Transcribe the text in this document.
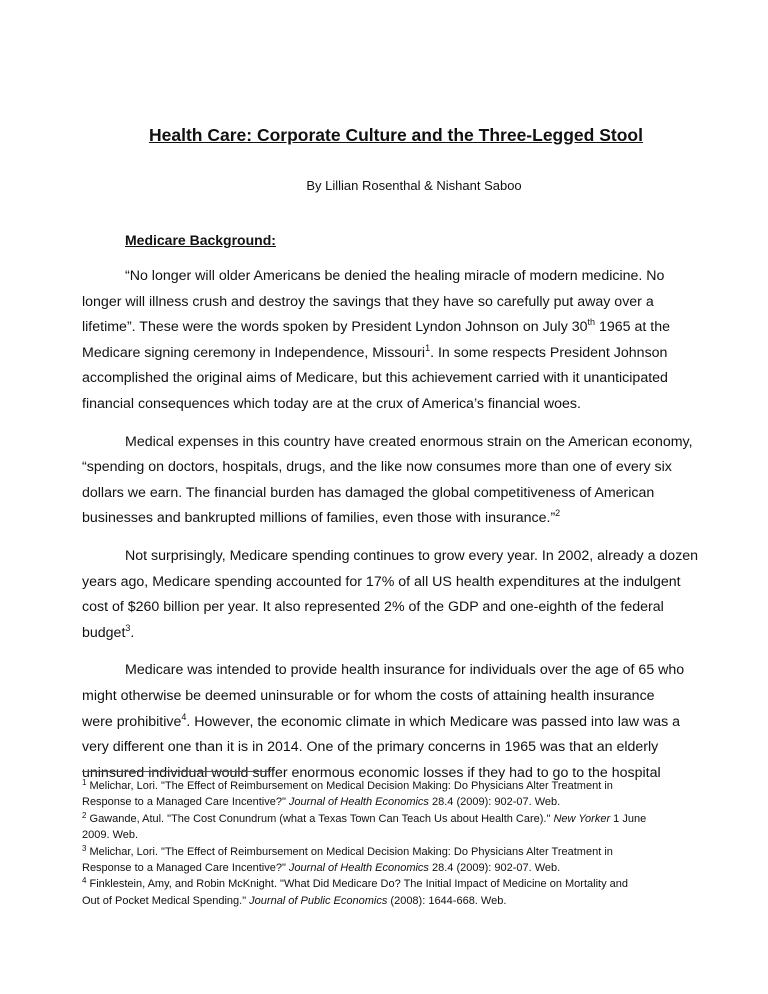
Health Care: Corporate Culture and the Three-Legged Stool
By Lillian Rosenthal & Nishant Saboo
Medicare Background:
“No longer will older Americans be denied the healing miracle of modern medicine. No
longer will illness crush and destroy the savings that they have so carefully put away over a
lifetime”. These were the words spoken by President Lyndon Johnson on July 30th 1965 at the
Medicare signing ceremony in Independence, Missouri$^1$. In some respects President Johnson
accomplished the original aims of Medicare, but this achievement carried with it unanticipated
financial consequences which today are at the crux of America’s financial woes.
Medical expenses in this country have created enormous strain on the American economy,
“spending on doctors, hospitals, drugs, and the like now consumes more than one of every six
dollars we earn. The financial burden has damaged the global competitiveness of American
businesses and bankrupted millions of families, even those with insurance.”$^2$
Not surprisingly, Medicare spending continues to grow every year. In 2002, already a dozen
years ago, Medicare spending accounted for 17% of all US health expenditures at the indulgent
cost of $260 billion per year. It also represented 2% of the GDP and one-eighth of the federal
budget$^3$.
Medicare was intended to provide health insurance for individuals over the age of 65 who
might otherwise be deemed uninsurable or for whom the costs of attaining health insurance
were prohibitive$^4$. However, the economic climate in which Medicare was passed into law was a
very different one than it is in 2014. One of the primary concerns in 1965 was that an elderly
uninsured individual would suffer enormous economic losses if they had to go to the hospital
$^1$ Melichar, Lori. "The Effect of Reimbursement on Medical Decision Making: Do Physicians Alter Treatment in
Response to a Managed Care Incentive?" Journal of Health Economics 28.4 (2009): 902-07. Web.
$^2$ Gawande, Atul. "The Cost Conundrum (what a Texas Town Can Teach Us about Health Care)." New Yorker 1 June
2009. Web.
$^3$ Melichar, Lori. "The Effect of Reimbursement on Medical Decision Making: Do Physicians Alter Treatment in
Response to a Managed Care Incentive?" Journal of Health Economics 28.4 (2009): 902-07. Web.
$^4$ Finklestein, Amy, and Robin McKnight. "What Did Medicare Do? The Initial Impact of Medicine on Mortality and
Out of Pocket Medical Spending." Journal of Public Economics (2008): 1644-668. Web.
